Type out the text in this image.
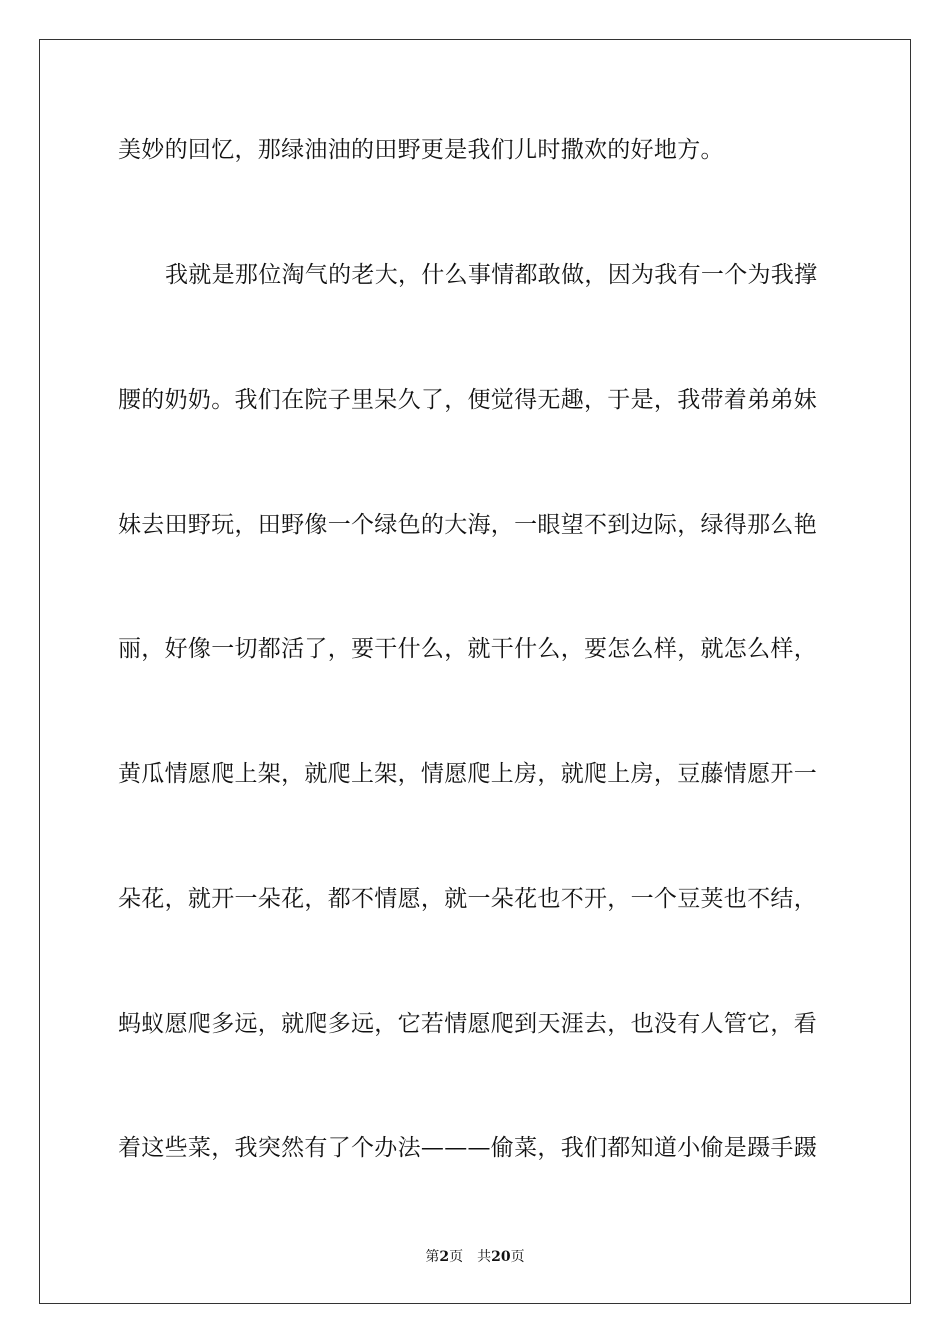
美妙的回忆，那绿油油的田野更是我们儿时撒欢的好地方。
我就是那位淘气的老大，什么事情都敢做，因为我有一个为我撑
腰的奶奶。我们在院子里呆久了，便觉得无趣，于是，我带着弟弟妹
妹去田野玩，田野像一个绿色的大海，一眼望不到边际，绿得那么艳
丽，好像一切都活了，要干什么，就干什么，要怎么样，就怎么样，
黄瓜情愿爬上架，就爬上架，情愿爬上房，就爬上房，豆藤情愿开一
朵花，就开一朵花，都不情愿，就一朵花也不开，一个豆荚也不结，
蚂蚁愿爬多远，就爬多远，它若情愿爬到天涯去，也没有人管它，看
着这些菜，我突然有了个办法———偷菜，我们都知道小偷是蹑手蹑
第2页 共20页
